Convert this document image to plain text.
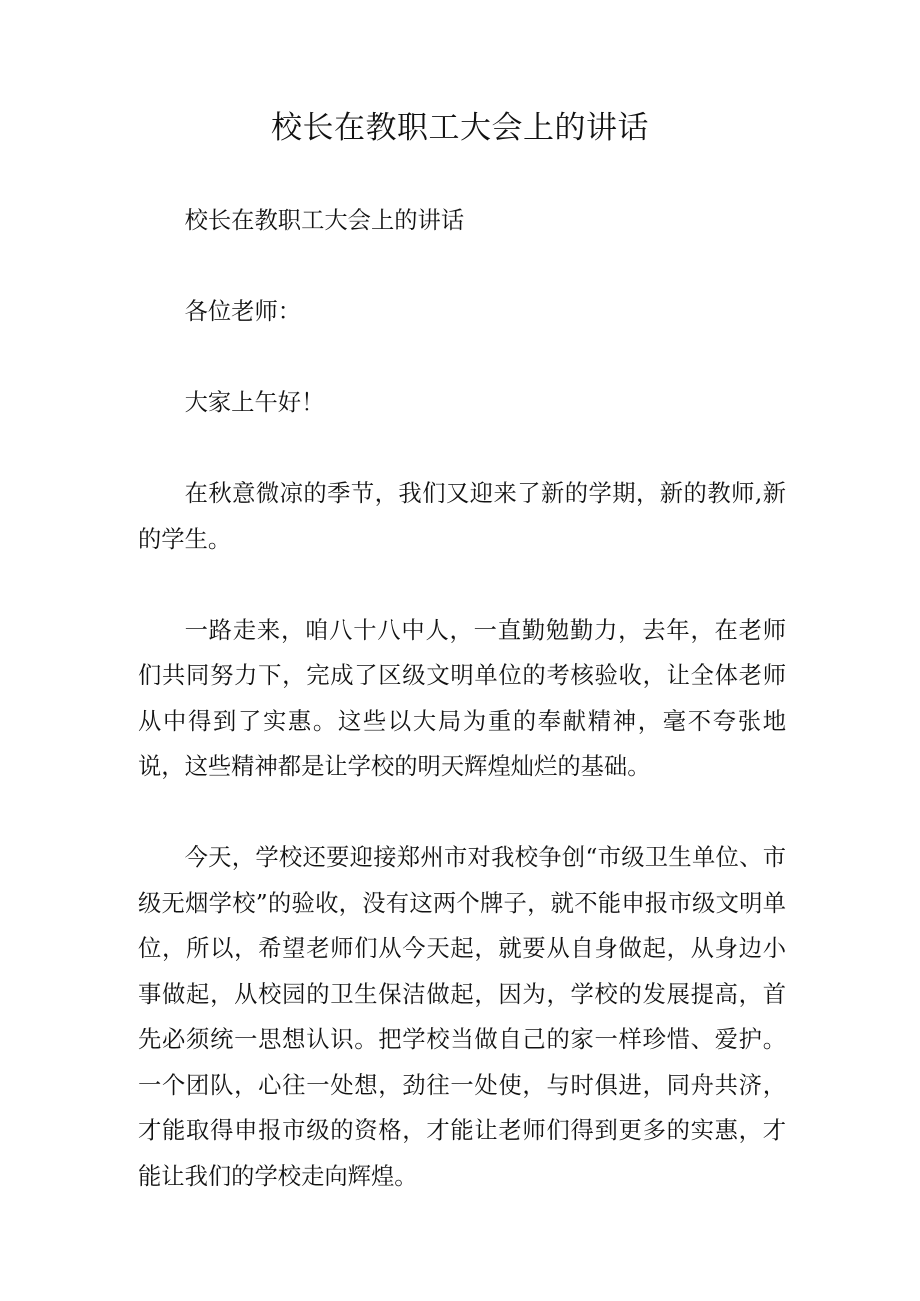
校长在教职工大会上的讲话

校长在教职工大会上的讲话

各位老师：

大家上午好！

在秋意微凉的季节，我们又迎来了新的学期，新的教师,新的学生。

一路走来，咱八十八中人，一直勤勉勤力，去年，在老师们共同努力下，完成了区级文明单位的考核验收，让全体老师从中得到了实惠。这些以大局为重的奉献精神，毫不夸张地说，这些精神都是让学校的明天辉煌灿烂的基础。

今天，学校还要迎接郑州市对我校争创“市级卫生单位、市级无烟学校”的验收，没有这两个牌子，就不能申报市级文明单位，所以，希望老师们从今天起，就要从自身做起，从身边小事做起，从校园的卫生保洁做起，因为，学校的发展提高，首先必须统一思想认识。把学校当做自己的家一样珍惜、爱护。一个团队，心往一处想，劲往一处使，与时俱进，同舟共济，才能取得申报市级的资格，才能让老师们得到更多的实惠，才能让我们的学校走向辉煌。
